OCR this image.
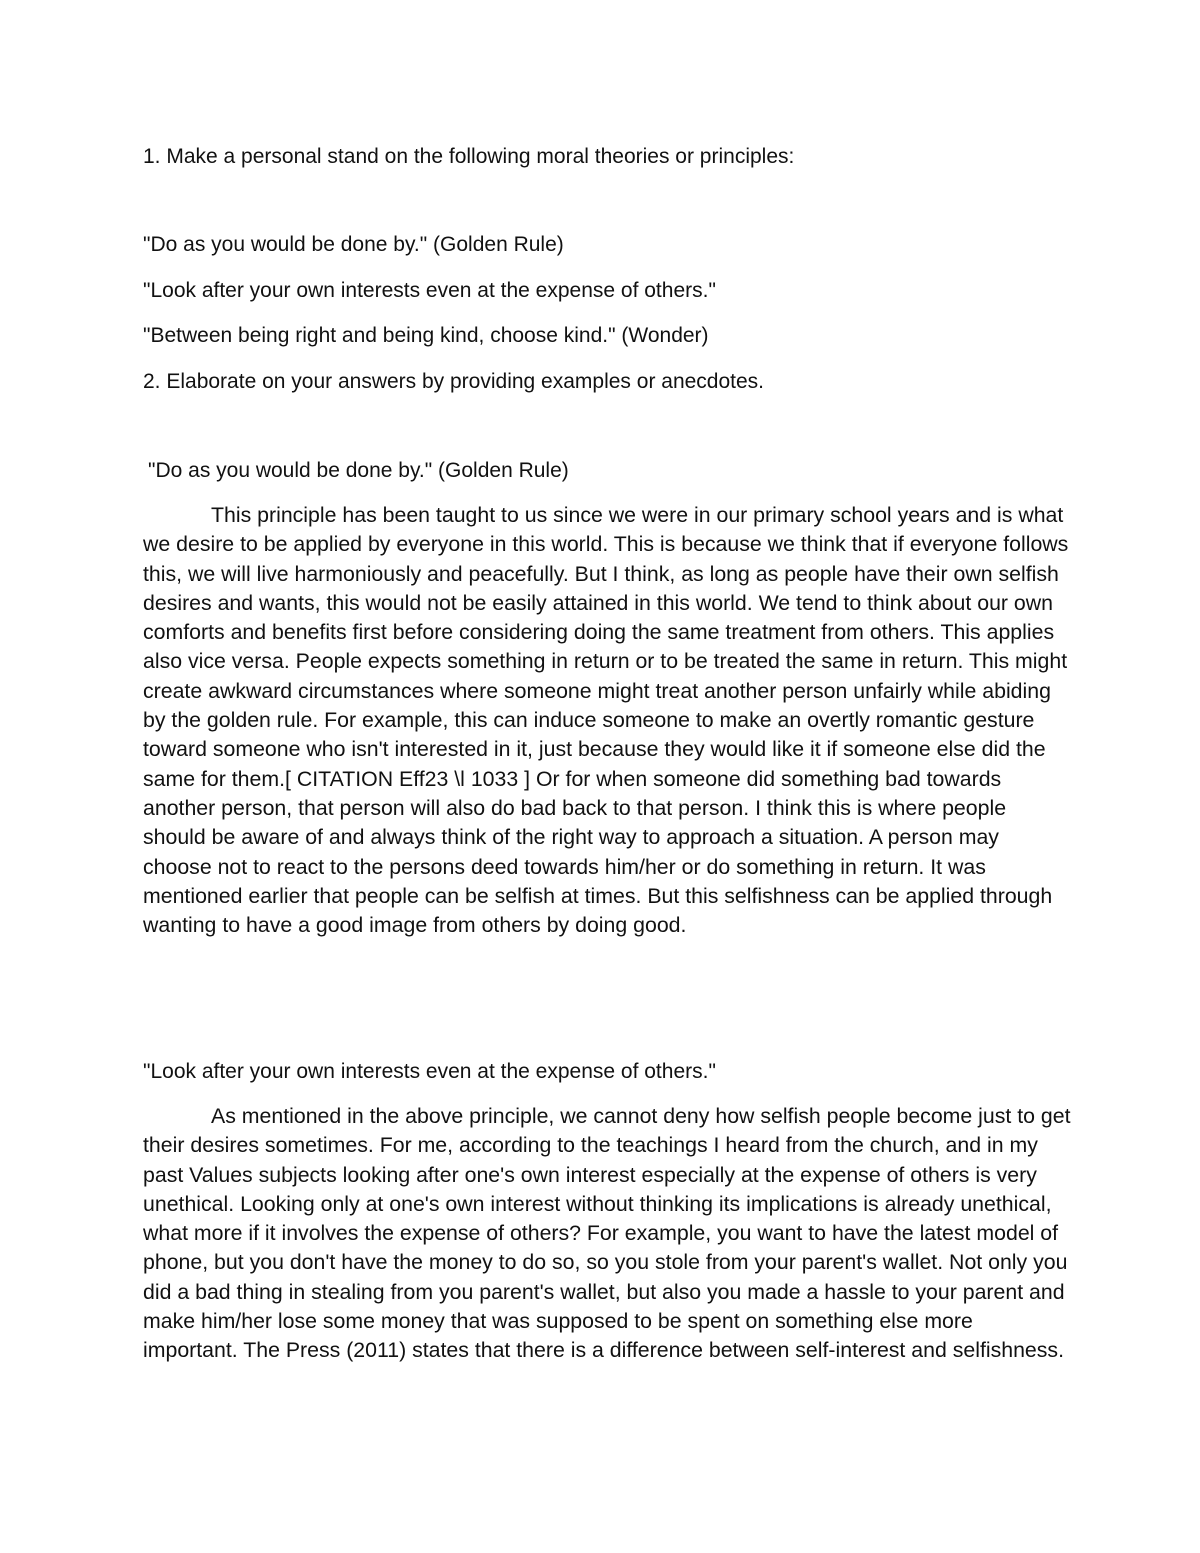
1. Make a personal stand on the following moral theories or principles:

"Do as you would be done by." (Golden Rule)

"Look after your own interests even at the expense of others."

"Between being right and being kind, choose kind." (Wonder)

2. Elaborate on your answers by providing examples or anecdotes.

"Do as you would be done by." (Golden Rule)

This principle has been taught to us since we were in our primary school years and is what we desire to be applied by everyone in this world. This is because we think that if everyone follows this, we will live harmoniously and peacefully. But I think, as long as people have their own selfish desires and wants, this would not be easily attained in this world. We tend to think about our own comforts and benefits first before considering doing the same treatment from others. This applies also vice versa. People expects something in return or to be treated the same in return. This might create awkward circumstances where someone might treat another person unfairly while abiding by the golden rule. For example, this can induce someone to make an overtly romantic gesture toward someone who isn't interested in it, just because they would like it if someone else did the same for them.[ CITATION Eff23 \l 1033 ] Or for when someone did something bad towards another person, that person will also do bad back to that person. I think this is where people should be aware of and always think of the right way to approach a situation. A person may choose not to react to the persons deed towards him/her or do something in return. It was mentioned earlier that people can be selfish at times. But this selfishness can be applied through wanting to have a good image from others by doing good.

"Look after your own interests even at the expense of others."

As mentioned in the above principle, we cannot deny how selfish people become just to get their desires sometimes. For me, according to the teachings I heard from the church, and in my past Values subjects looking after one's own interest especially at the expense of others is very unethical. Looking only at one's own interest without thinking its implications is already unethical, what more if it involves the expense of others? For example, you want to have the latest model of phone, but you don't have the money to do so, so you stole from your parent's wallet. Not only you did a bad thing in stealing from you parent's wallet, but also you made a hassle to your parent and make him/her lose some money that was supposed to be spent on something else more important. The Press (2011) states that there is a difference between self-interest and selfishness.
